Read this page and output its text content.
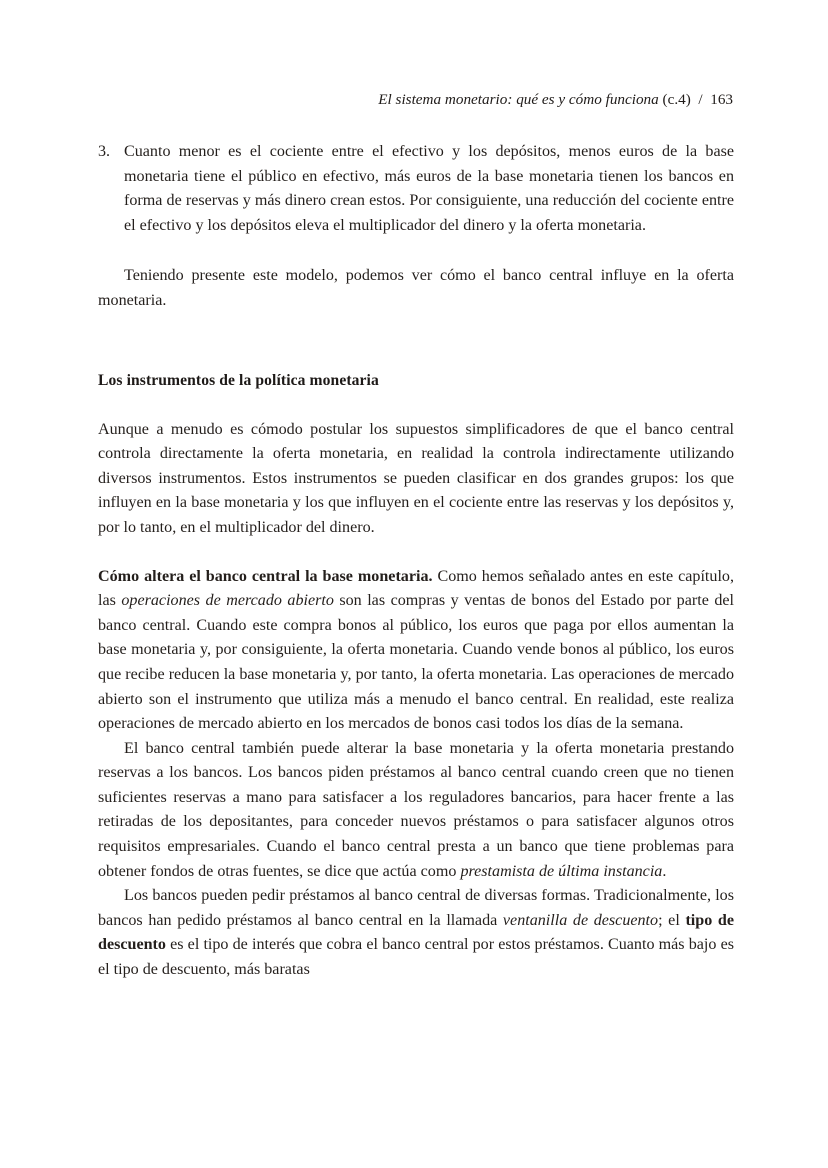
El sistema monetario: qué es y cómo funciona (c.4) / 163
3. Cuanto menor es el cociente entre el efectivo y los depósitos, menos euros de la base monetaria tiene el público en efectivo, más euros de la base monetaria tienen los bancos en forma de reservas y más dinero crean estos. Por consiguiente, una reducción del cociente entre el efectivo y los depósitos eleva el multiplicador del dinero y la oferta monetaria.

Teniendo presente este modelo, podemos ver cómo el banco central influye en la oferta monetaria.

Los instrumentos de la política monetaria

Aunque a menudo es cómodo postular los supuestos simplificadores de que el banco central controla directamente la oferta monetaria, en realidad la controla indirectamente utilizando diversos instrumentos. Estos instrumentos se pueden clasificar en dos grandes grupos: los que influyen en la base monetaria y los que influyen en el cociente entre las reservas y los depósitos y, por lo tanto, en el multiplicador del dinero.

Cómo altera el banco central la base monetaria. Como hemos señalado antes en este capítulo, las operaciones de mercado abierto son las compras y ventas de bonos del Estado por parte del banco central. Cuando este compra bonos al público, los euros que paga por ellos aumentan la base monetaria y, por consiguiente, la oferta monetaria. Cuando vende bonos al público, los euros que recibe reducen la base monetaria y, por tanto, la oferta monetaria. Las operaciones de mercado abierto son el instrumento que utiliza más a menudo el banco central. En realidad, este realiza operaciones de mercado abierto en los mercados de bonos casi todos los días de la semana.

El banco central también puede alterar la base monetaria y la oferta monetaria prestando reservas a los bancos. Los bancos piden préstamos al banco central cuando creen que no tienen suficientes reservas a mano para satisfacer a los reguladores bancarios, para hacer frente a las retiradas de los depositantes, para conceder nuevos préstamos o para satisfacer algunos otros requisitos empresariales. Cuando el banco central presta a un banco que tiene problemas para obtener fondos de otras fuentes, se dice que actúa como prestamista de última instancia.

Los bancos pueden pedir préstamos al banco central de diversas formas. Tradicionalmente, los bancos han pedido préstamos al banco central en la llamada ventanilla de descuento; el tipo de descuento es el tipo de interés que cobra el banco central por estos préstamos. Cuanto más bajo es el tipo de descuento, más baratas
